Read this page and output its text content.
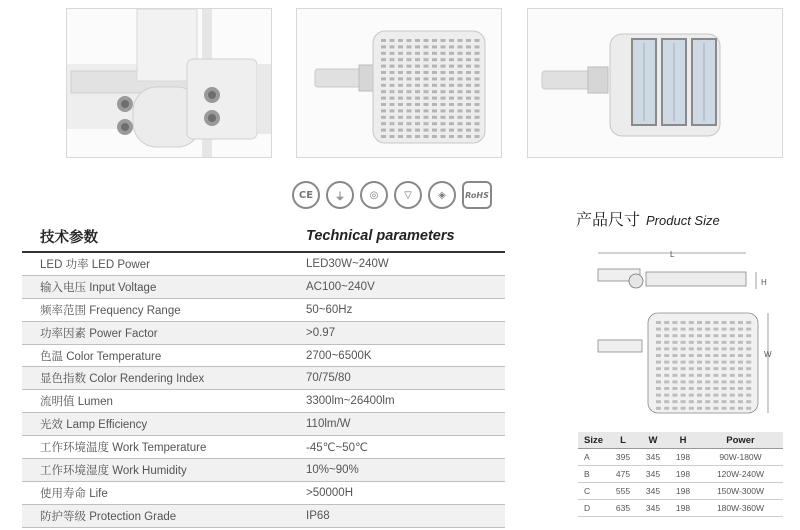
CE	⏚	◎	▽	◈	RoHS
技术参数	Technical parameters
LED 功率 LED Power	LED30W~240W
输入电压 Input Voltage	AC100~240V
频率范围 Frequency Range	50~60Hz
功率因素 Power Factor	>0.97
色温 Color Temperature	2700~6500K
显色指数 Color Rendering Index	70/75/80
流明值 Lumen	3300lm~26400lm
光效 Lamp Efficiency	110lm/W
工作环境温度 Work Temperature	-45℃~50℃
工作环境湿度 Work Humidity	10%~90%
使用寿命 Life	>50000H
防护等级 Protection Grade	IP68
产品尺寸 Product Size
L
H
W
Size	L	W	H	Power
A	395	345	198	90W-180W
B	475	345	198	120W-240W
C	555	345	198	150W-300W
D	635	345	198	180W-360W
